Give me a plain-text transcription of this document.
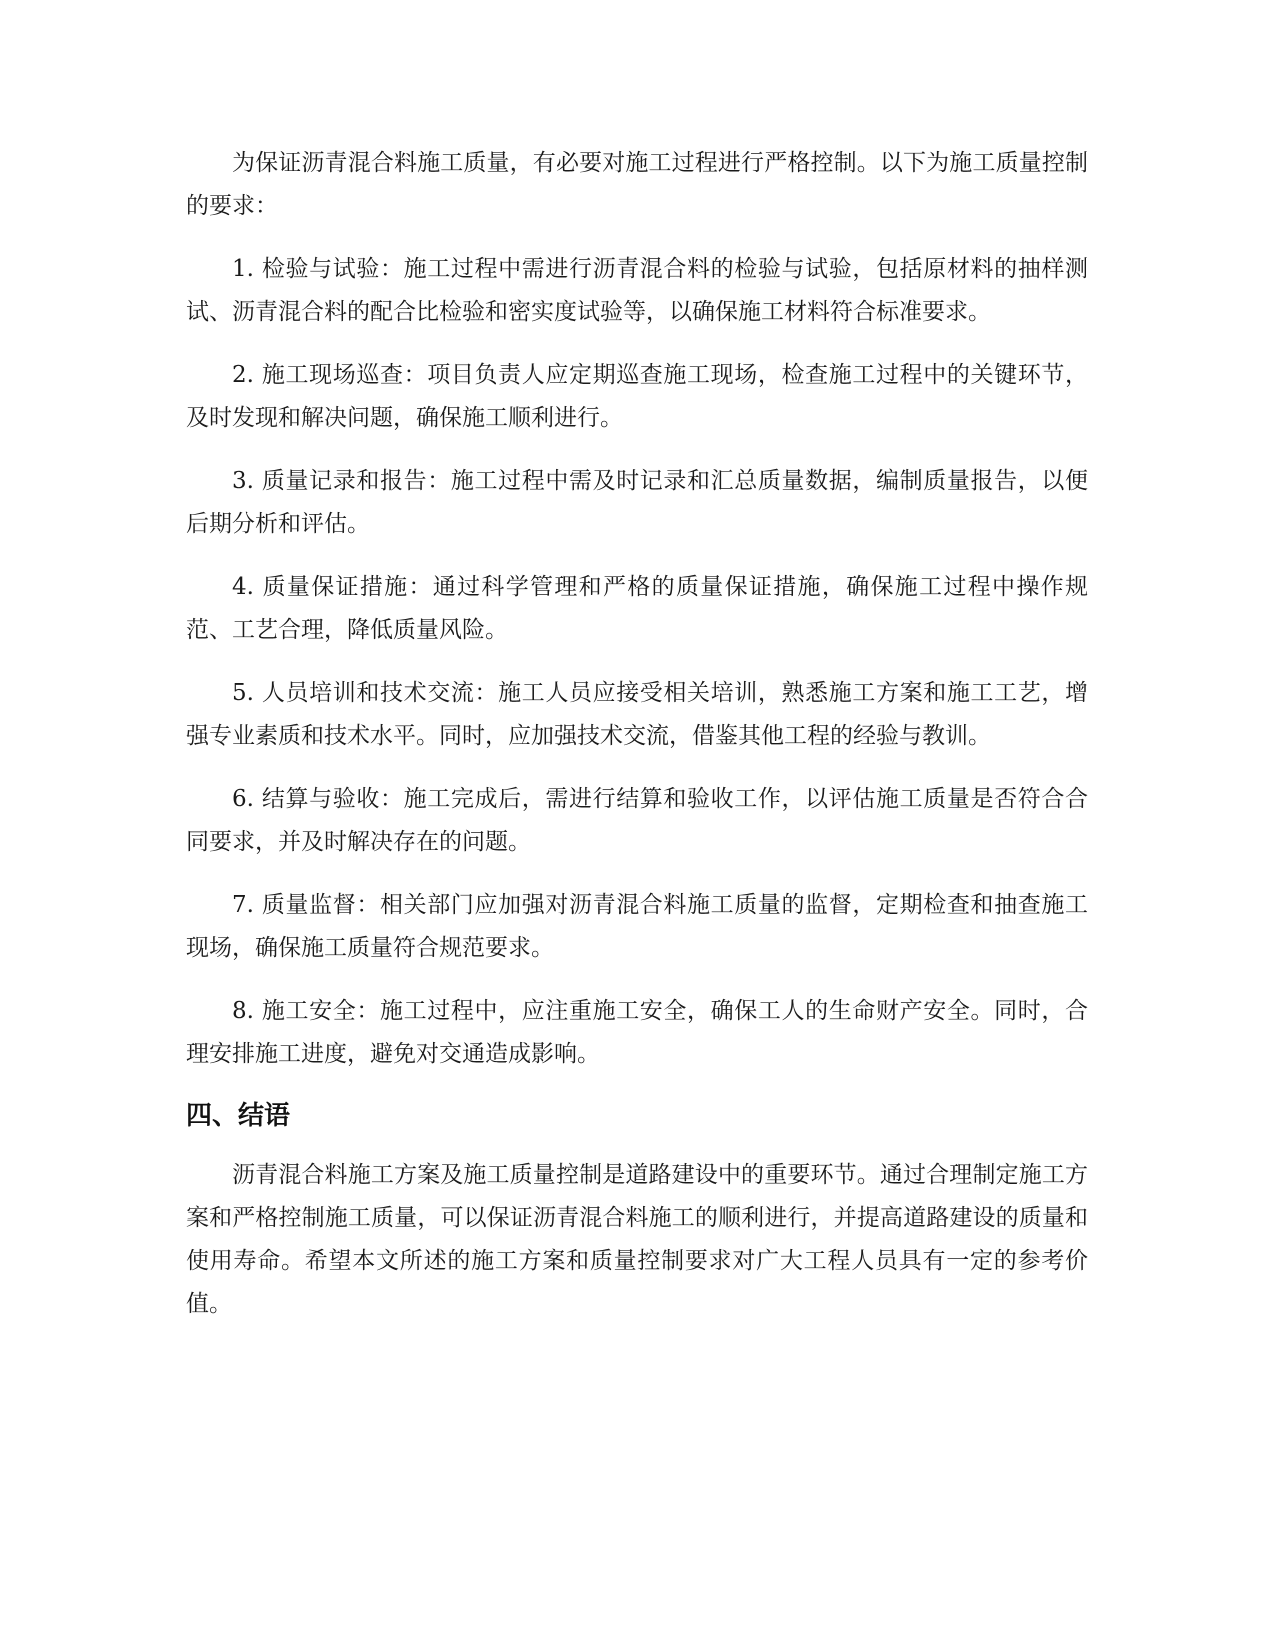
为保证沥青混合料施工质量，有必要对施工过程进行严格控制。以下为施工质量控制的要求：

1. 检验与试验：施工过程中需进行沥青混合料的检验与试验，包括原材料的抽样测试、沥青混合料的配合比检验和密实度试验等，以确保施工材料符合标准要求。

2. 施工现场巡查：项目负责人应定期巡查施工现场，检查施工过程中的关键环节，及时发现和解决问题，确保施工顺利进行。

3. 质量记录和报告：施工过程中需及时记录和汇总质量数据，编制质量报告，以便后期分析和评估。

4. 质量保证措施：通过科学管理和严格的质量保证措施，确保施工过程中操作规范、工艺合理，降低质量风险。

5. 人员培训和技术交流：施工人员应接受相关培训，熟悉施工方案和施工工艺，增强专业素质和技术水平。同时，应加强技术交流，借鉴其他工程的经验与教训。

6. 结算与验收：施工完成后，需进行结算和验收工作，以评估施工质量是否符合合同要求，并及时解决存在的问题。

7. 质量监督：相关部门应加强对沥青混合料施工质量的监督，定期检查和抽查施工现场，确保施工质量符合规范要求。

8. 施工安全：施工过程中，应注重施工安全，确保工人的生命财产安全。同时，合理安排施工进度，避免对交通造成影响。

四、结语

沥青混合料施工方案及施工质量控制是道路建设中的重要环节。通过合理制定施工方案和严格控制施工质量，可以保证沥青混合料施工的顺利进行，并提高道路建设的质量和使用寿命。希望本文所述的施工方案和质量控制要求对广大工程人员具有一定的参考价值。
